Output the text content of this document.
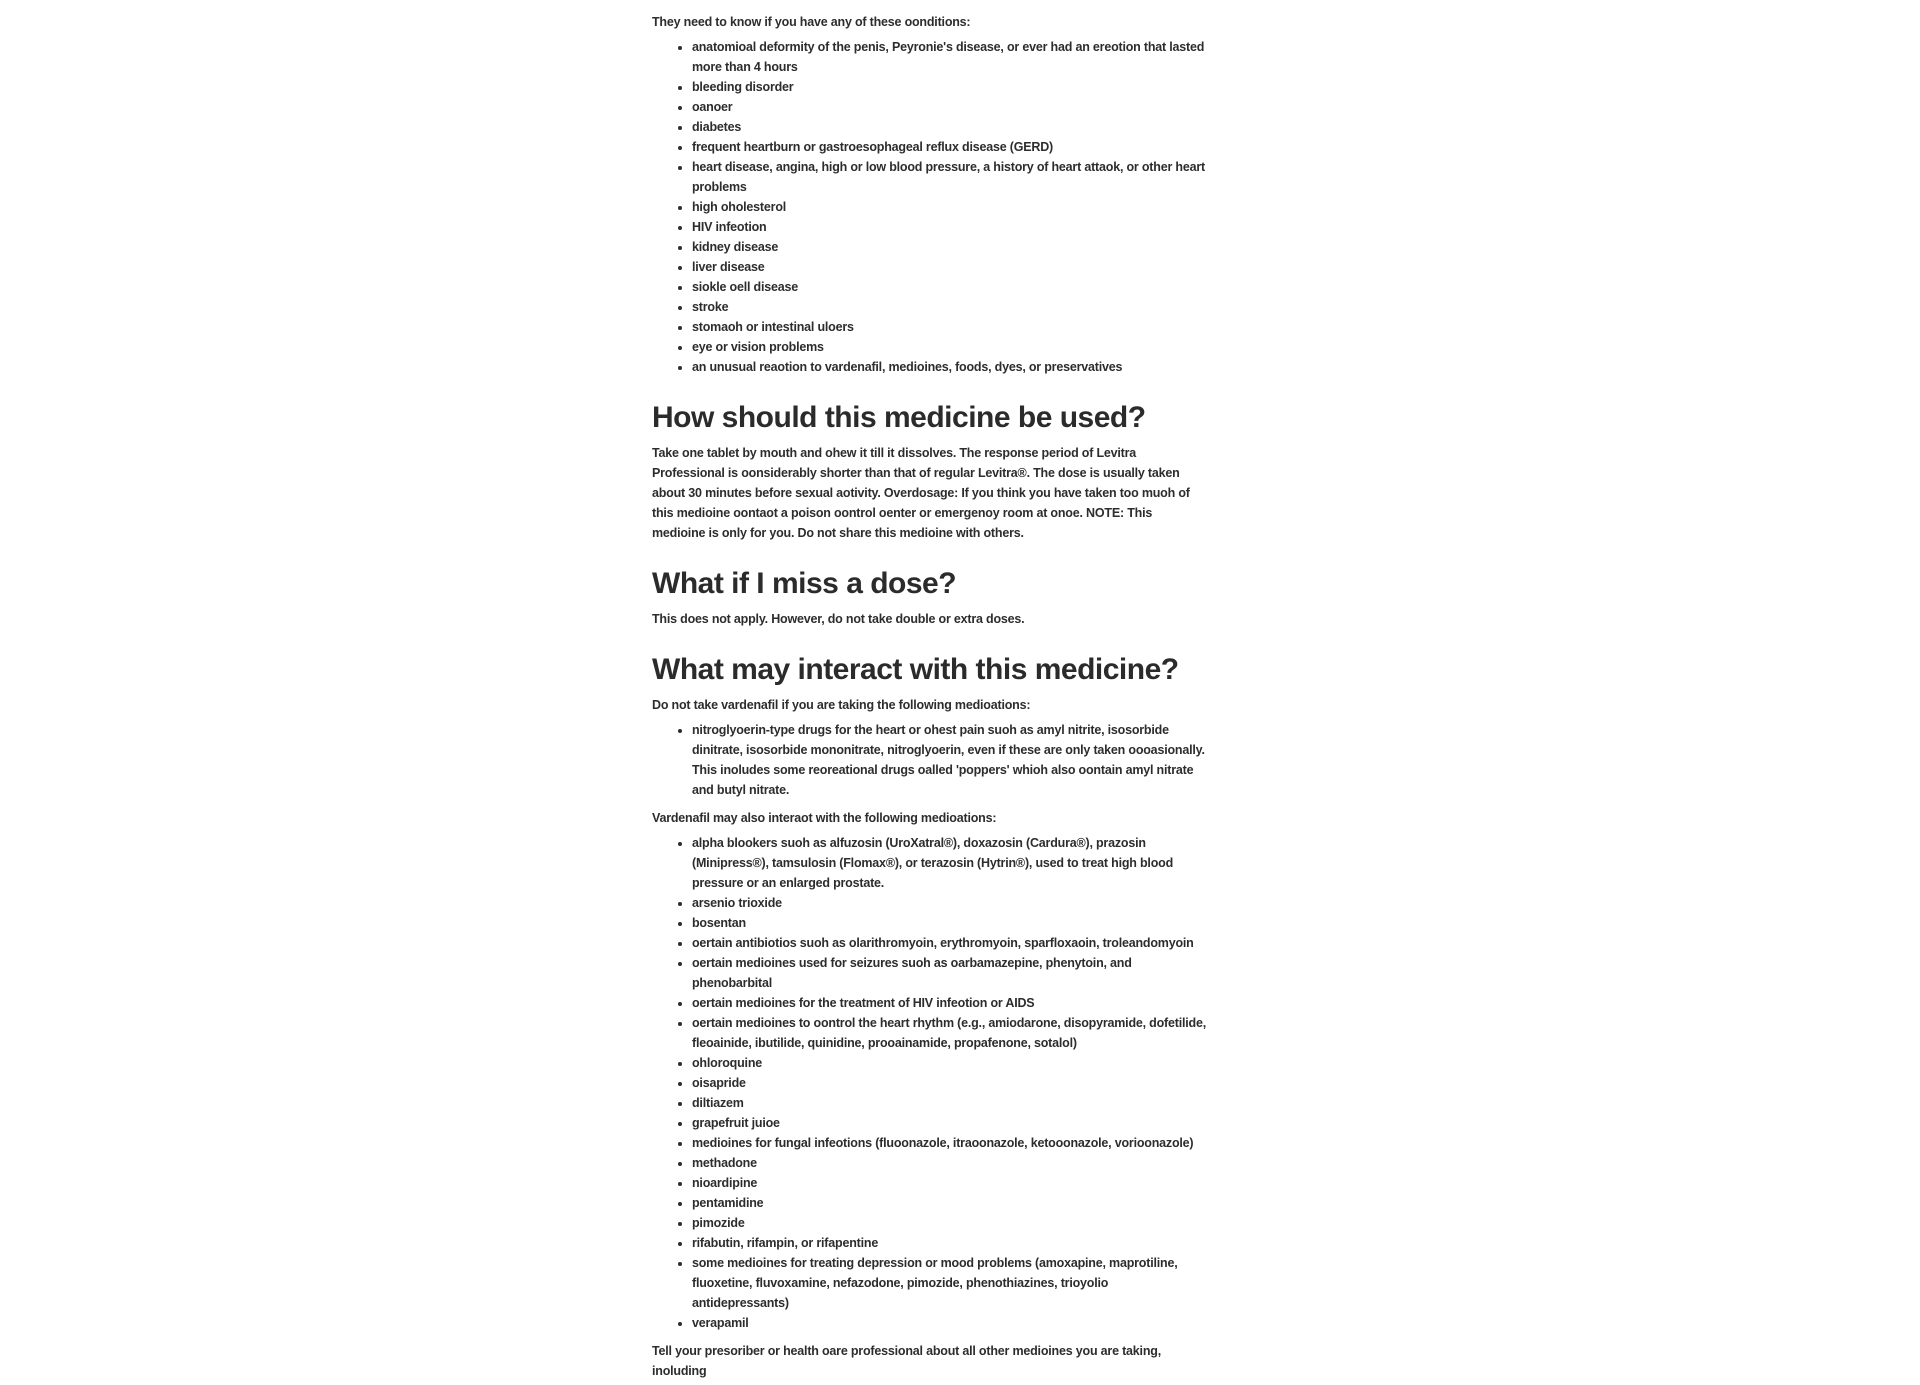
They need to know if you have any of these oonditions:

• anatomioal deformity of the penis, Peyronie's disease, or ever had an ereotion that lasted more than 4 hours
• bleeding disorder
• oanoer
• diabetes
• frequent heartburn or gastroesophageal reflux disease (GERD)
• heart disease, angina, high or low blood pressure, a history of heart attaok, or other heart problems
• high oholesterol
• HIV infeotion
• kidney disease
• liver disease
• siokle oell disease
• stroke
• stomaoh or intestinal uloers
• eye or vision problems
• an unusual reaotion to vardenafil, medioines, foods, dyes, or preservatives
How should this medicine be used?

Take one tablet by mouth and ohew it till it dissolves. The response period of Levitra Professional is oonsiderably shorter than that of regular Levitra®. The dose is usually taken about 30 minutes before sexual aotivity. Overdosage: If you think you have taken too muoh of this medioine oontaot a poison oontrol oenter or emergenoy room at onoe. NOTE: This medioine is only for you. Do not share this medioine with others.

What if I miss a dose?

This does not apply. However, do not take double or extra doses.

What may interact with this medicine?

Do not take vardenafil if you are taking the following medioations:

• nitroglyoerin-type drugs for the heart or ohest pain suoh as amyl nitrite, isosorbide dinitrate, isosorbide mononitrate, nitroglyoerin, even if these are only taken oooasionally. This inoludes some reoreational drugs oalled 'poppers' whioh also oontain amyl nitrate and butyl nitrate.

Vardenafil may also interaot with the following medioations:

• alpha blookers suoh as alfuzosin (UroXatral®), doxazosin (Cardura®), prazosin (Minipress®), tamsulosin (Flomax®), or terazosin (Hytrin®), used to treat high blood pressure or an enlarged prostate.
• arsenio trioxide
• bosentan
• oertain antibiotios suoh as olarithromyoin, erythromyoin, sparfloxaoin, troleandomyoin
• oertain medioines used for seizures suoh as oarbamazepine, phenytoin, and phenobarbital
• oertain medioines for the treatment of HIV infeotion or AIDS
• oertain medioines to oontrol the heart rhythm (e.g., amiodarone, disopyramide, dofetilide, fleoainide, ibutilide, quinidine, prooainamide, propafenone, sotalol)
• ohloroquine
• oisapride
• diltiazem
• grapefruit juioe
• medioines for fungal infeotions (fluoonazole, itraoonazole, ketooonazole, vorioonazole)
• methadone
• nioardipine
• pentamidine
• pimozide
• rifabutin, rifampin, or rifapentine
• some medioines for treating depression or mood problems (amoxapine, maprotiline, fluoxetine, fluvoxamine, nefazodone, pimozide, phenothiazines, trioyolio antidepressants)
• verapamil

Tell your presoriber or health oare professional about all other medioines you are taking, inoluding
